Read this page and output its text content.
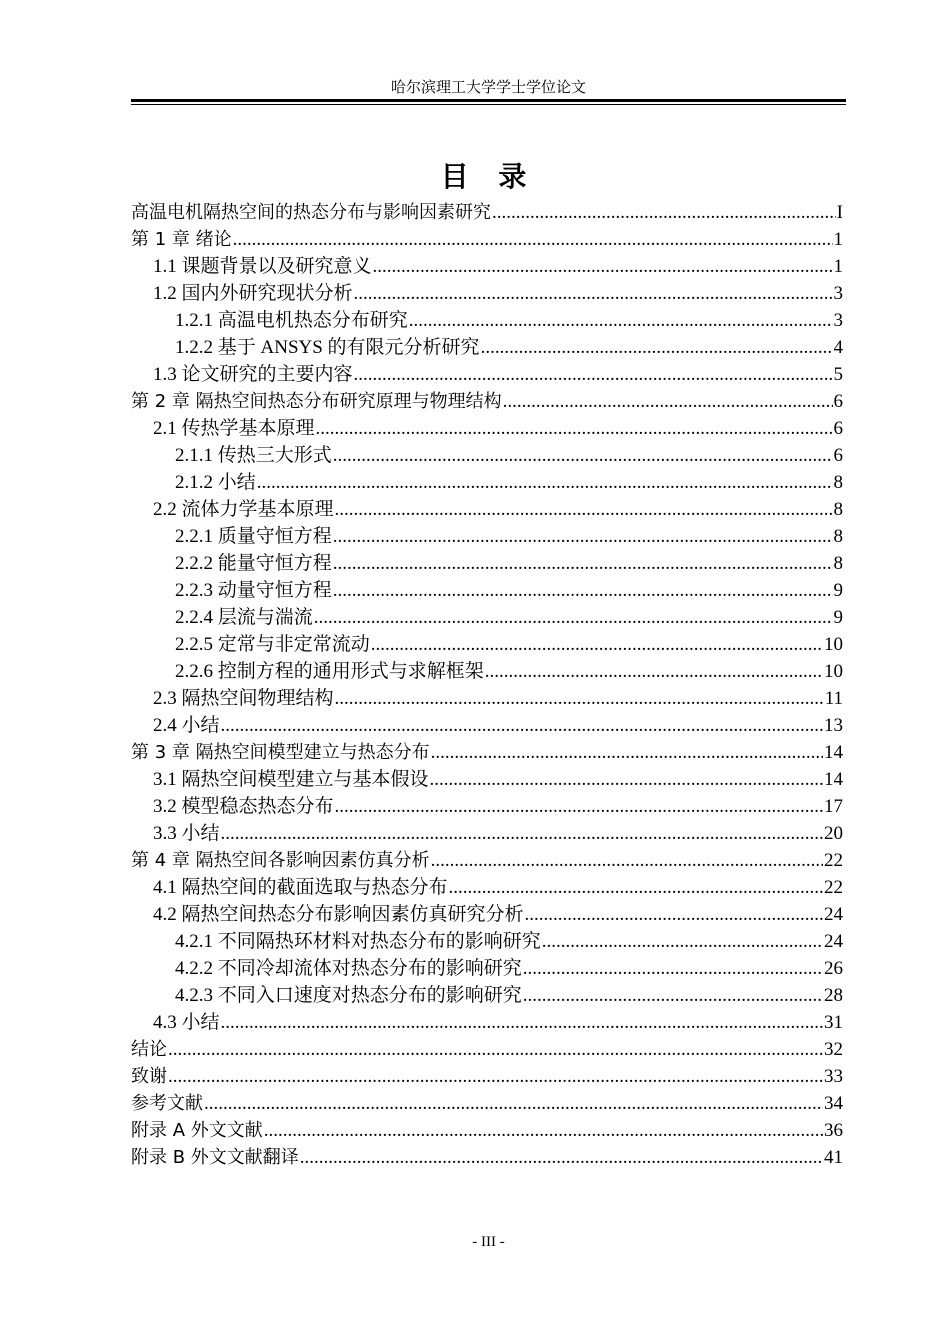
哈尔滨理工大学学士学位论文
目 录
高温电机隔热空间的热态分布与影响因素研究 .....	I
第 1 章 绪论 .....	1
1.1 课题背景以及研究意义 .....	1
1.2 国内外研究现状分析 .....	3
1.2.1 高温电机热态分布研究 .....	3
1.2.2 基于 ANSYS 的有限元分析研究 .....	4
1.3 论文研究的主要内容 .....	5
第 2 章 隔热空间热态分布研究原理与物理结构 .....	6
2.1 传热学基本原理 .....	6
2.1.1 传热三大形式 .....	6
2.1.2 小结 .....	8
2.2 流体力学基本原理 .....	8
2.2.1 质量守恒方程 .....	8
2.2.2 能量守恒方程 .....	8
2.2.3 动量守恒方程 .....	9
2.2.4 层流与湍流 .....	9
2.2.5 定常与非定常流动 .....	10
2.2.6 控制方程的通用形式与求解框架 .....	10
2.3 隔热空间物理结构 .....	11
2.4 小结 .....	13
第 3 章 隔热空间模型建立与热态分布 .....	14
3.1 隔热空间模型建立与基本假设 .....	14
3.2 模型稳态热态分布 .....	17
3.3 小结 .....	20
第 4 章 隔热空间各影响因素仿真分析 .....	22
4.1 隔热空间的截面选取与热态分布 .....	22
4.2 隔热空间热态分布影响因素仿真研究分析 .....	24
4.2.1 不同隔热环材料对热态分布的影响研究 .....	24
4.2.2 不同冷却流体对热态分布的影响研究 .....	26
4.2.3 不同入口速度对热态分布的影响研究 .....	28
4.3 小结 .....	31
结论 .....	32
致谢 .....	33
参考文献 .....	34
附录 A 外文文献 .....	36
附录 B 外文文献翻译 .....	41
- III -
